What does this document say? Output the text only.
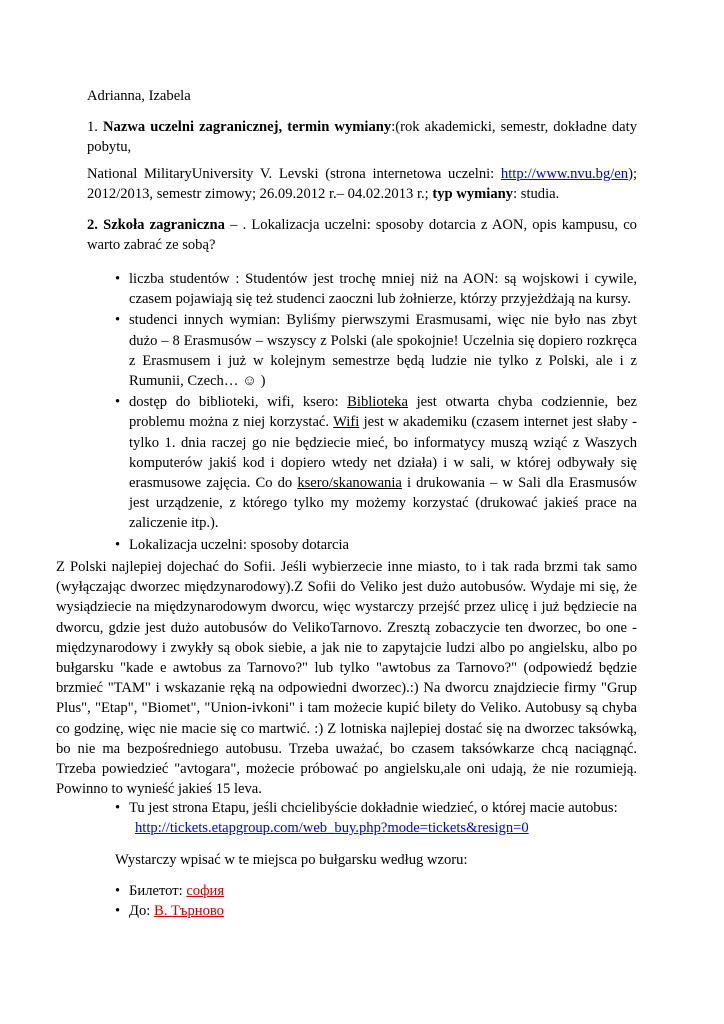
Adrianna, Izabela

1. Nazwa uczelni zagranicznej, termin wymiany:(rok akademicki, semestr, dokładne daty pobytu,

National MilitaryUniversity V. Levski (strona internetowa uczelni: http://www.nvu.bg/en); 2012/2013, semestr zimowy; 26.09.2012 r.– 04.02.2013 r.; typ wymiany: studia.

2. Szkoła zagraniczna – . Lokalizacja uczelni: sposoby dotarcia z AON, opis kampusu, co warto zabrać ze sobą?

• liczba studentów : Studentów jest trochę mniej niż na AON: są wojskowi i cywile, czasem pojawiają się też studenci zaoczni lub żołnierze, którzy przyjeżdżają na kursy.
• studenci innych wymian: Byliśmy pierwszymi Erasmusami, więc nie było nas zbyt dużo – 8 Erasmusów – wszyscy z Polski (ale spokojnie! Uczelnia się dopiero rozkręca z Erasmusem i już w kolejnym semestrze będą ludzie nie tylko z Polski, ale i z Rumunii, Czech… ☺ )
• dostęp do biblioteki, wifi, ksero: Biblioteka jest otwarta chyba codziennie, bez problemu można z niej korzystać. Wifi jest w akademiku (czasem internet jest słaby - tylko 1. dnia raczej go nie będziecie mieć, bo informatycy muszą wziąć z Waszych komputerów jakiś kod i dopiero wtedy net działa) i w sali, w której odbywały się erasmusowe zajęcia. Co do ksero/skanowania i drukowania – w Sali dla Erasmusów jest urządzenie, z którego tylko my możemy korzystać (drukować jakieś prace na zaliczenie itp.).
• Lokalizacja uczelni: sposoby dotarcia

Z Polski najlepiej dojechać do Sofii. Jeśli wybierzecie inne miasto, to i tak rada brzmi tak samo (wyłączając dworzec międzynarodowy).Z Sofii do Veliko jest dużo autobusów. Wydaje mi się, że wysiądziecie na międzynarodowym dworcu, więc wystarczy przejść przez ulicę i już będziecie na dworcu, gdzie jest dużo autobusów do VelikoTarnovo. Zresztą zobaczycie ten dworzec, bo one - międzynarodowy i zwykły są obok siebie, a jak nie to zapytajcie ludzi albo po angielsku, albo po bułgarsku "kade e awtobus za Tarnovo?" lub tylko "awtobus za Tarnovo?" (odpowiedź będzie brzmieć "TAM" i wskazanie ręką na odpowiedni dworzec).:) Na dworcu znajdziecie firmy "Grup Plus", "Etap", "Biomet", "Union-ivkoni" i tam możecie kupić bilety do Veliko. Autobusy są chyba co godzinę, więc nie macie się co martwić. :) Z lotniska najlepiej dostać się na dworzec taksówką, bo nie ma bezpośredniego autobusu. Trzeba uważać, bo czasem taksówkarze chcą naciągnąć. Trzeba powiedzieć "avtogara", możecie próbować po angielsku,ale oni udają, że nie rozumieją. Powinno to wynieść jakieś 15 leva.

• Tu jest strona Etapu, jeśli chcielibyście dokładnie wiedzieć, o której macie autobus:
http://tickets.etapgroup.com/web_buy.php?mode=tickets&resign=0

Wystarczy wpisać w te miejsca po bułgarsku według wzoru:

• Билетот: софия
• До: В. Търново
